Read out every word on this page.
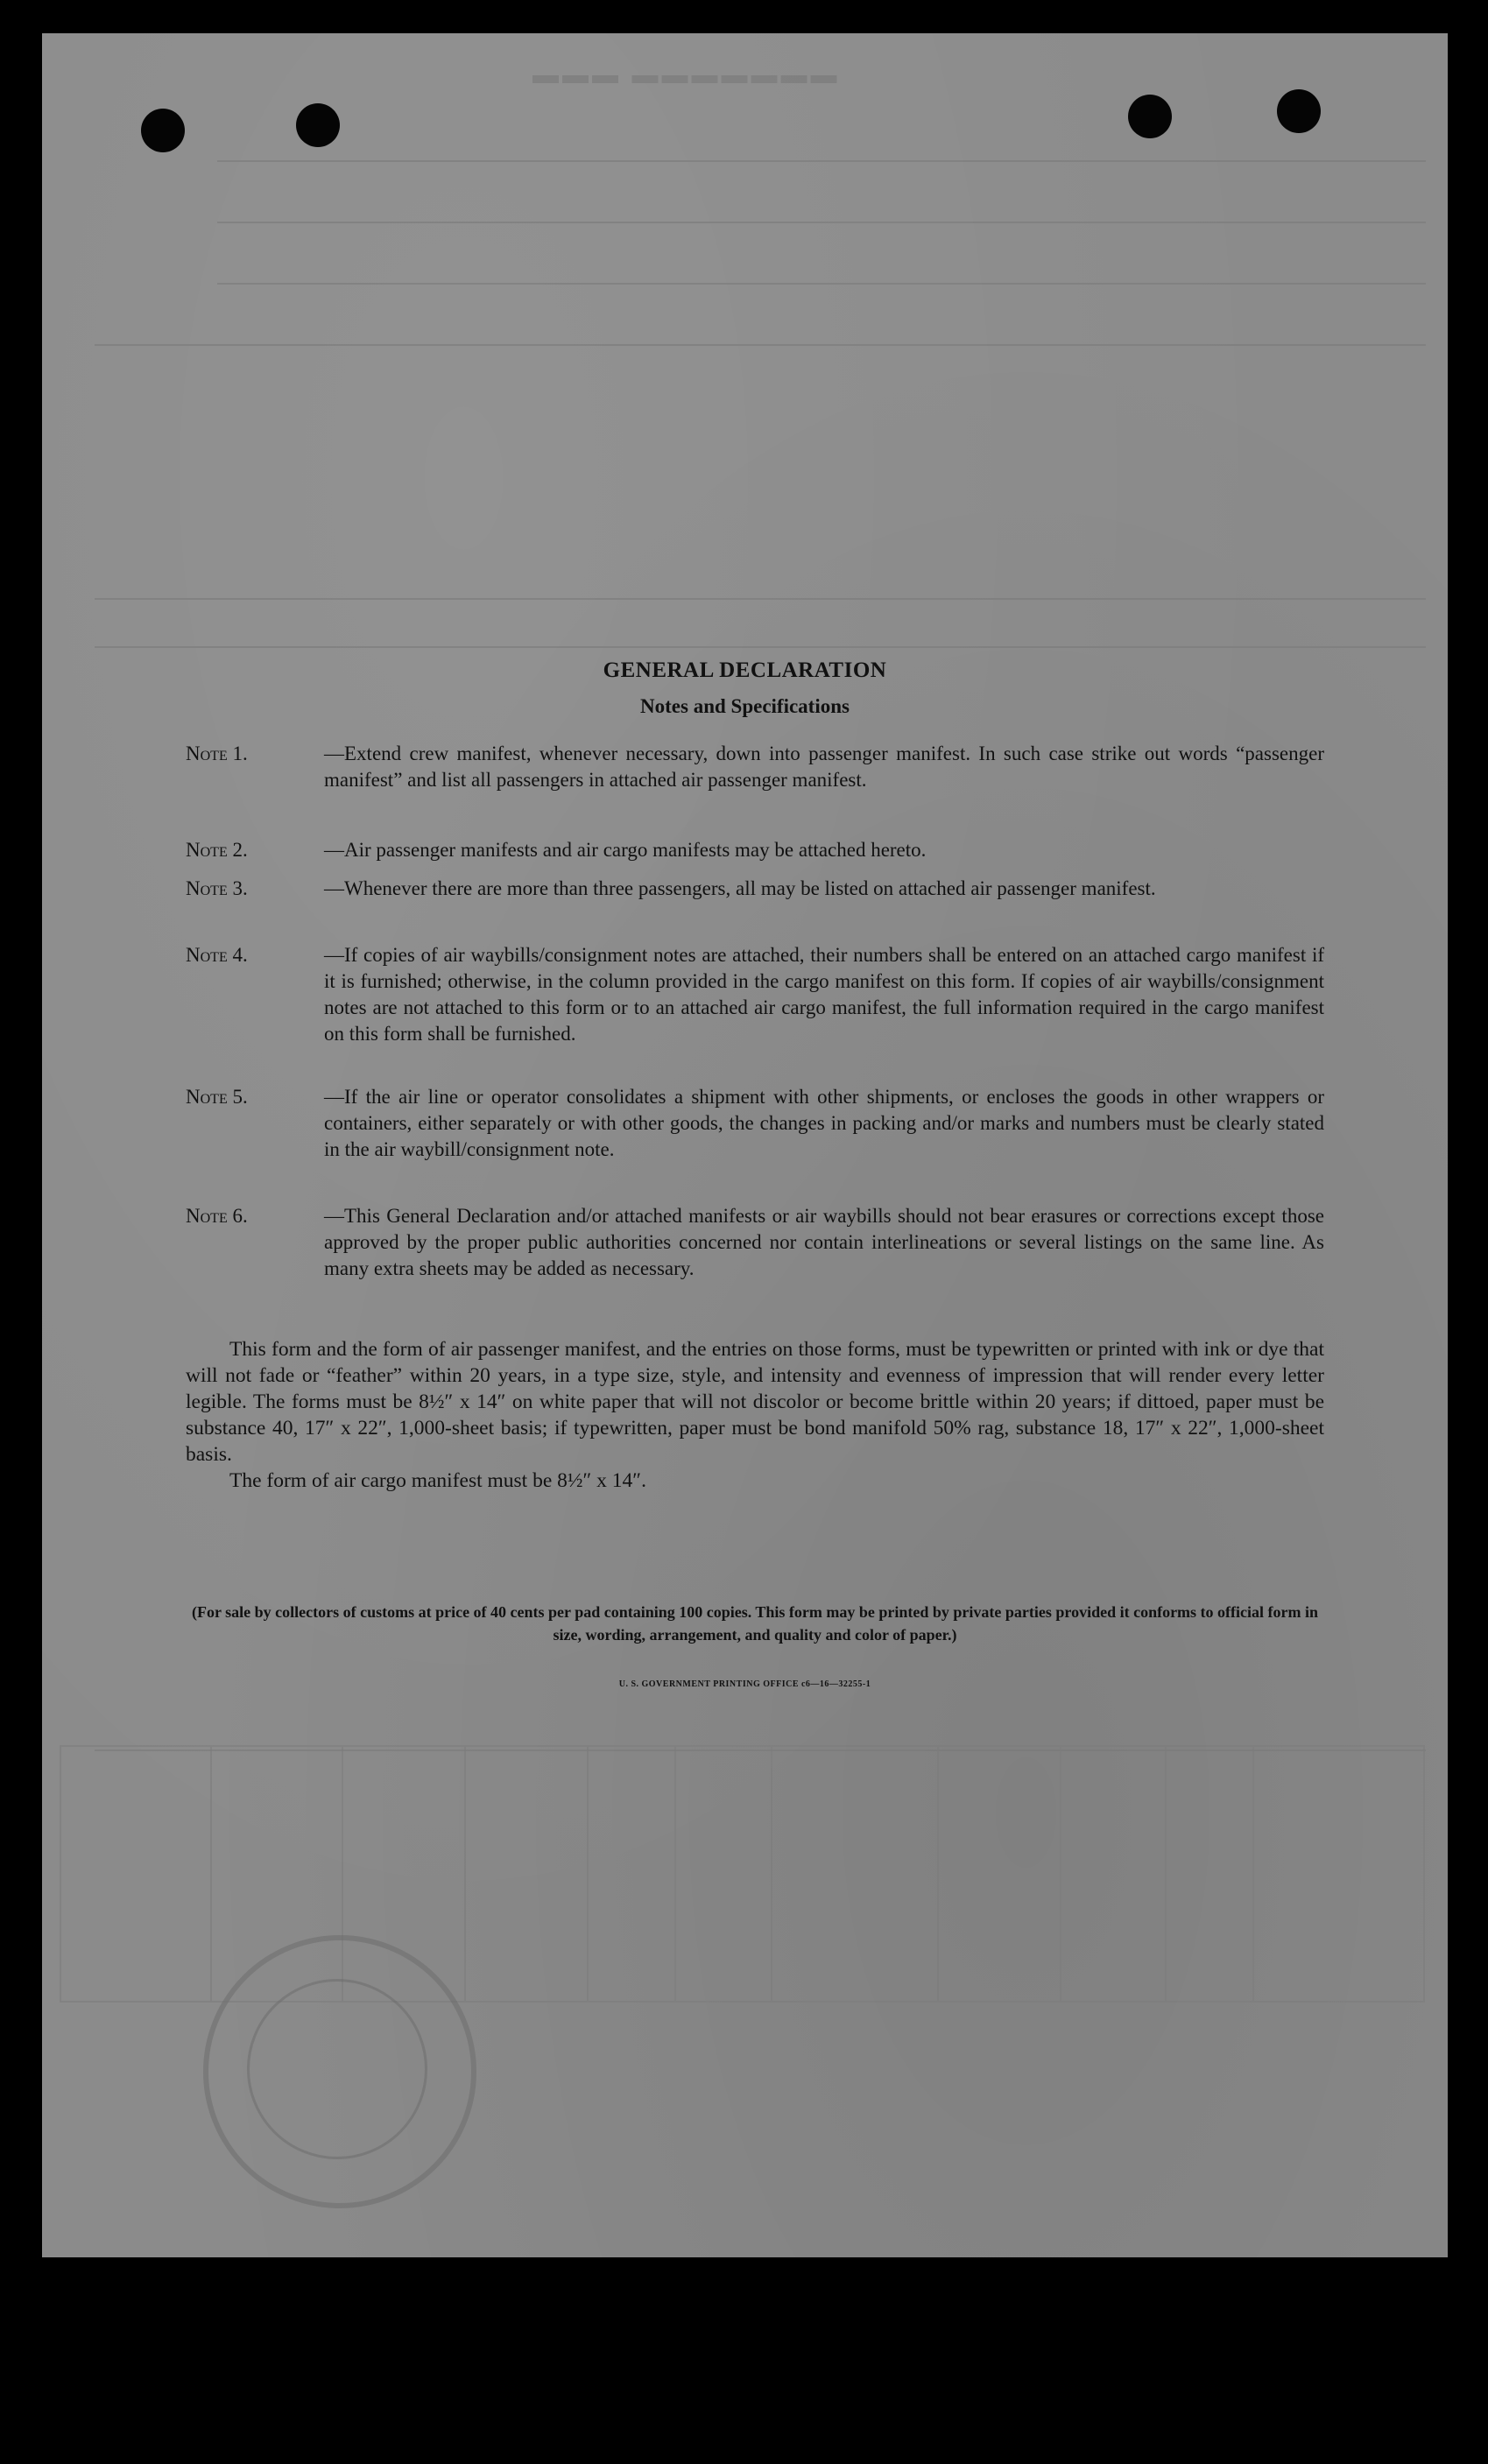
▬▬▬ ▬▬▬▬▬▬▬
GENERAL DECLARATION
Notes and Specifications
Note 1.	—Extend crew manifest, whenever necessary, down into passenger manifest. In such case strike out words “passenger manifest” and list all passengers in attached air passenger manifest.
Note 2.	—Air passenger manifests and air cargo manifests may be attached hereto.
Note 3.	—Whenever there are more than three passengers, all may be listed on attached air passenger manifest.
Note 4.	—If copies of air waybills/consignment notes are attached, their numbers shall be entered on an attached cargo manifest if it is furnished; otherwise, in the column provided in the cargo manifest on this form. If copies of air waybills/consignment notes are not attached to this form or to an attached air cargo manifest, the full information required in the cargo manifest on this form shall be furnished.
Note 5.	—If the air line or operator consolidates a shipment with other shipments, or encloses the goods in other wrappers or containers, either separately or with other goods, the changes in packing and/or marks and numbers must be clearly stated in the air waybill/consignment note.
Note 6.	—This General Declaration and/or attached manifests or air waybills should not bear erasures or corrections except those approved by the proper public authorities concerned nor contain interlineations or several listings on the same line. As many extra sheets may be added as necessary.
This form and the form of air passenger manifest, and the entries on those forms, must be typewritten or printed with ink or dye that will not fade or “feather” within 20 years, in a type size, style, and intensity and evenness of impression that will render every letter legible. The forms must be 8½″ x 14″ on white paper that will not discolor or become brittle within 20 years; if dittoed, paper must be substance 40, 17″ x 22″, 1,000-sheet basis; if typewritten, paper must be bond manifold 50% rag, substance 18, 17″ x 22″, 1,000-sheet basis.
The form of air cargo manifest must be 8½″ x 14″.
(For sale by collectors of customs at price of 40 cents per pad containing 100 copies. This form may be printed by private parties provided it conforms to official form in size, wording, arrangement, and quality and color of paper.)
U. S. GOVERNMENT PRINTING OFFICE c6—16—32255-1
